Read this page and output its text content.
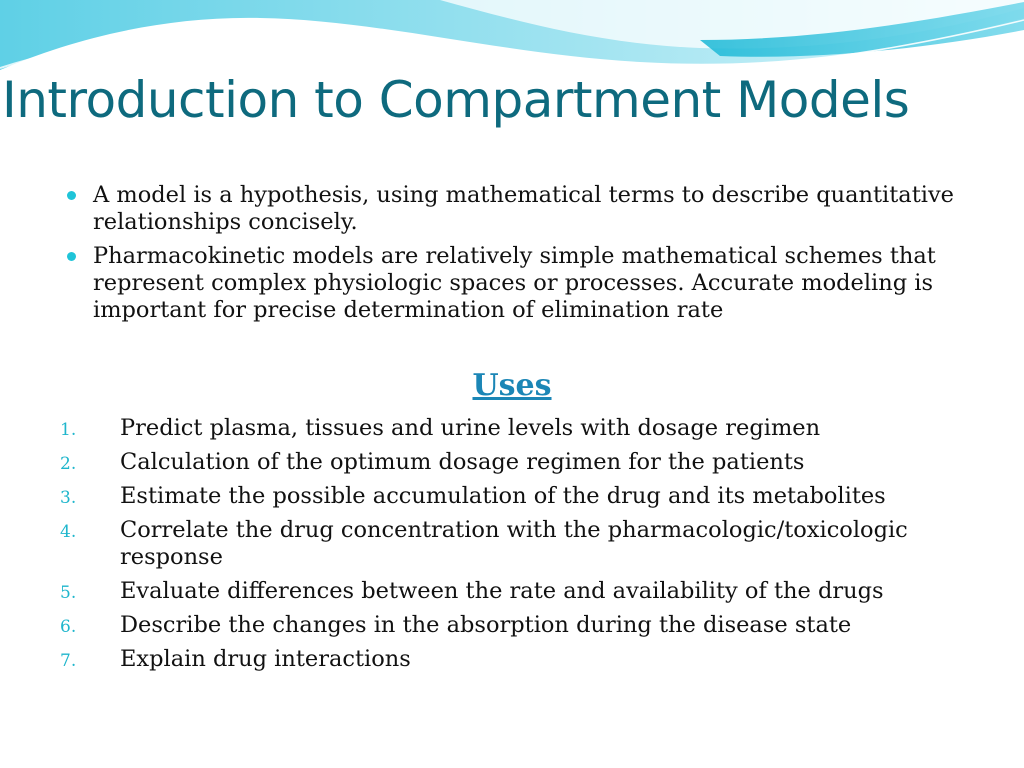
Introduction to Compartment Models
A model is a hypothesis, using mathematical terms to describe quantitative relationships concisely.
Pharmacokinetic models are relatively simple mathematical schemes that represent complex physiologic spaces or processes. Accurate modeling is important for precise determination of elimination rate
Uses
1. Predict plasma, tissues and urine levels with dosage regimen
2. Calculation of the optimum dosage regimen for the patients
3. Estimate the possible accumulation of the drug and its metabolites
4. Correlate the drug concentration with the pharmacologic/toxicologic response
5. Evaluate differences between the rate and availability of the drugs
6. Describe the changes in the absorption during the disease state
7. Explain drug interactions
